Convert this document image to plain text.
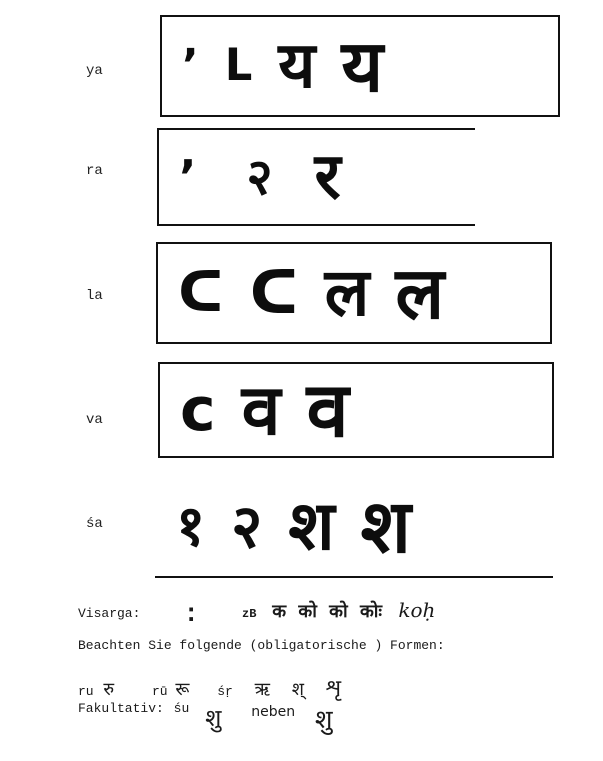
ya
ra
la
va
śa
ʼ ᒪ य य
ʼ २ र
ᑕ ᑕ ल ल
c व व
१ २ श श
Visarga: :	zB क को को कोः koḥ
Beachten Sie folgende (obligatorische ) Formen:
ru रु	rū रू śṛ ऋ श् शृ
Fakultativ: śu शु neben शु
